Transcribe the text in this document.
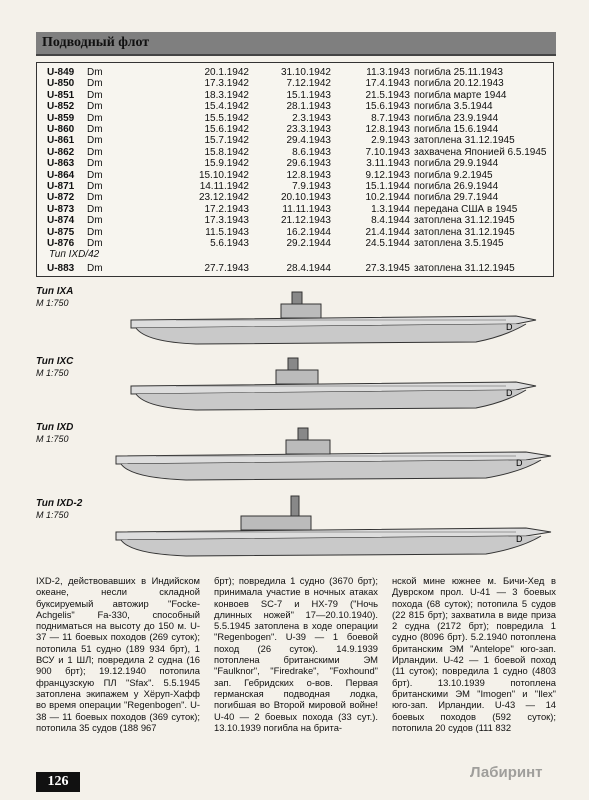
Подводный флот
U-849 Dm	20.1.1942	31.10.1942	11.3.1943 погибла 25.11.1943
U-850 Dm	17.3.1942	7.12.1942	17.4.1943 погибла 20.12.1943
U-851 Dm	18.3.1942	15.1.1943	21.5.1943 погибла марте 1944
U-852 Dm	15.4.1942	28.1.1943	15.6.1943 погибла 3.5.1944
U-859 Dm	15.5.1942	2.3.1943	8.7.1943 погибла 23.9.1944
U-860 Dm	15.6.1942	23.3.1943	12.8.1943 погибла 15.6.1944
U-861 Dm	15.7.1942	29.4.1943	2.9.1943 затоплена 31.12.1945
U-862 Dm	15.8.1942	8.6.1943	7.10.1943 захвачена Японией 6.5.1945
U-863 Dm	15.9.1942	29.6.1943	3.11.1943 погибла 29.9.1944
U-864 Dm	15.10.1942	12.8.1943	9.12.1943 погибла 9.2.1945
U-871 Dm	14.11.1942	7.9.1943	15.1.1944 погибла 26.9.1944
U-872 Dm	23.12.1942	20.10.1943	10.2.1944 погибла 29.7.1944
U-873 Dm	17.2.1943	11.11.1943	1.3.1944 передана США в 1945
U-874 Dm	17.3.1943	21.12.1943	8.4.1944 затоплена 31.12.1945
U-875 Dm	11.5.1943	16.2.1944	21.4.1944 затоплена 31.12.1945
U-876 Dm	5.6.1943	29.2.1944	24.5.1944 затоплена 3.5.1945
Тип IXD/42
U-883 Dm	27.7.1943	28.4.1944	27.3.1945 затоплена 31.12.1945
Тип IXA
М 1:750
D
Тип IXC
М 1:750
D
Тип IXD
М 1:750
D
Тип IXD-2
М 1:750
D

IXD-2, действовавших в Индийском океане, несли складной буксируемый автожир "Focke-Achgelis" Fa-330, способный подниматься на высоту до 150 м. U-37 — 11 боевых походов (269 суток); потопила 51 судно (189 934 брт), 1 ВСУ и 1 ШЛ; повредила 2 судна (16 900 брт); 19.12.1940 потопила французскую ПЛ "Sfax". 5.5.1945 затоплена экипажем у Хёруп-Хафф во время операции "Regenbogen". U-38 — 11 боевых походов (369 суток); потопила 35 судов (188 967

брт); повредила 1 судно (3670 брт); принимала участие в ночных атаках конвоев SC-7 и HX-79 ("Ночь длинных ножей" 17—20.10.1940). 5.5.1945 затоплена в ходе операции "Regenbogen". U-39 — 1 боевой поход (26 суток). 14.9.1939 потоплена британскими ЭМ "Faulknor", "Firedrake", "Foxhound" зап. Гебридских о-вов. Первая германская подводная лодка, погибшая во Второй мировой войне! U-40 — 2 боевых похода (33 сут.). 13.10.1939 погибла на брита-

нской мине южнее м. Бичи-Хед в Дуврском прол. U-41 — 3 боевых похода (68 суток); потопила 5 судов (22 815 брт); захватила в виде приза 2 судна (2172 брт); повредила 1 судно (8096 брт). 5.2.1940 потоплена британским ЭМ "Antelope" юго-зап. Ирландии. U-42 — 1 боевой поход (11 суток); повредила 1 судно (4803 брт). 13.10.1939 потоплена британскими ЭМ "Imogen" и "Ilex" юго-зап. Ирландии. U-43 — 14 боевых походов (592 суток); потопила 20 судов (111 832

126
Лабиринт
